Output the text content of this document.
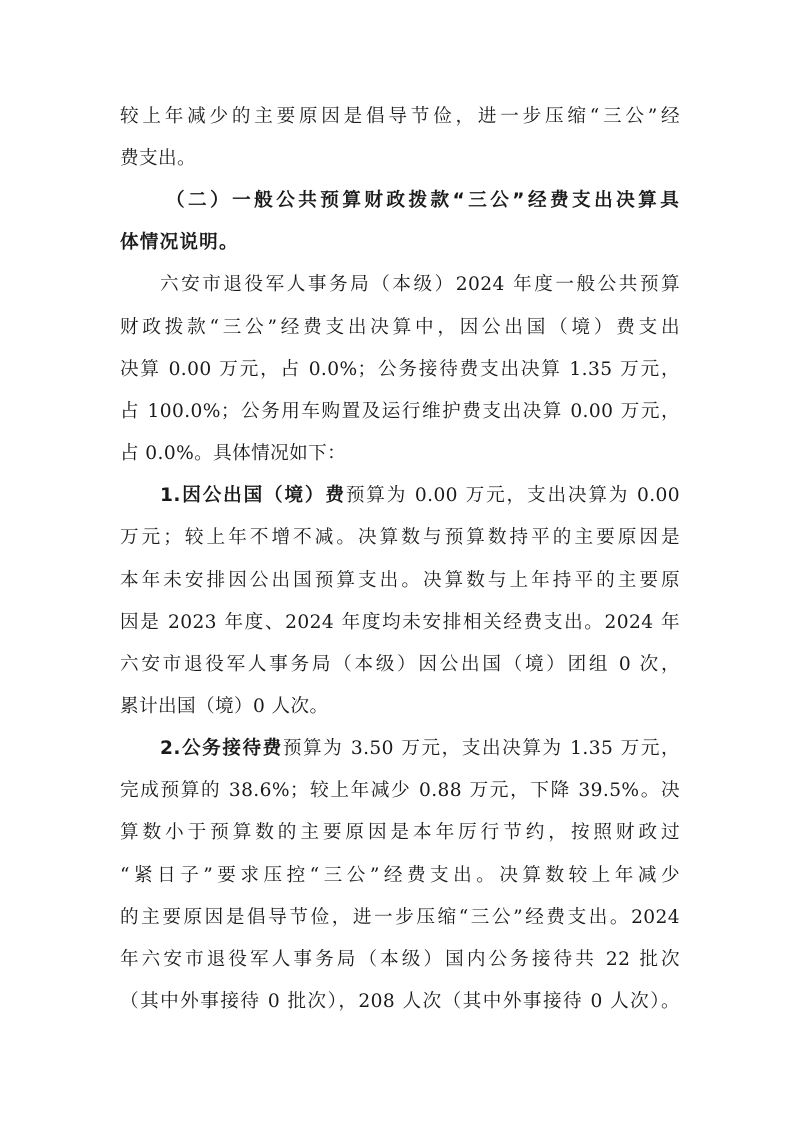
较上年减少的主要原因是倡导节俭，进一步压缩“三公”经
费支出。
（二）一般公共预算财政拨款“三公”经费支出决算具
体情况说明。
六安市退役军人事务局（本级）2024 年度一般公共预算
财政拨款“三公”经费支出决算中，因公出国（境）费支出
决算 0.00 万元，占 0.0%；公务接待费支出决算 1.35 万元，
占 100.0%；公务用车购置及运行维护费支出决算 0.00 万元，
占 0.0%。具体情况如下：
1.因公出国（境）费预算为 0.00 万元，支出决算为 0.00
万元；较上年不增不减。决算数与预算数持平的主要原因是
本年未安排因公出国预算支出。决算数与上年持平的主要原
因是 2023 年度、2024 年度均未安排相关经费支出。2024 年
六安市退役军人事务局（本级）因公出国（境）团组 0 次，
累计出国（境）0 人次。
2.公务接待费预算为 3.50 万元，支出决算为 1.35 万元，
完成预算的 38.6%；较上年减少 0.88 万元，下降 39.5%。决
算数小于预算数的主要原因是本年厉行节约，按照财政过
“紧日子”要求压控“三公”经费支出。决算数较上年减少
的主要原因是倡导节俭，进一步压缩“三公”经费支出。2024
年六安市退役军人事务局（本级）国内公务接待共 22 批次
（其中外事接待 0 批次），208 人次（其中外事接待 0 人次）。
